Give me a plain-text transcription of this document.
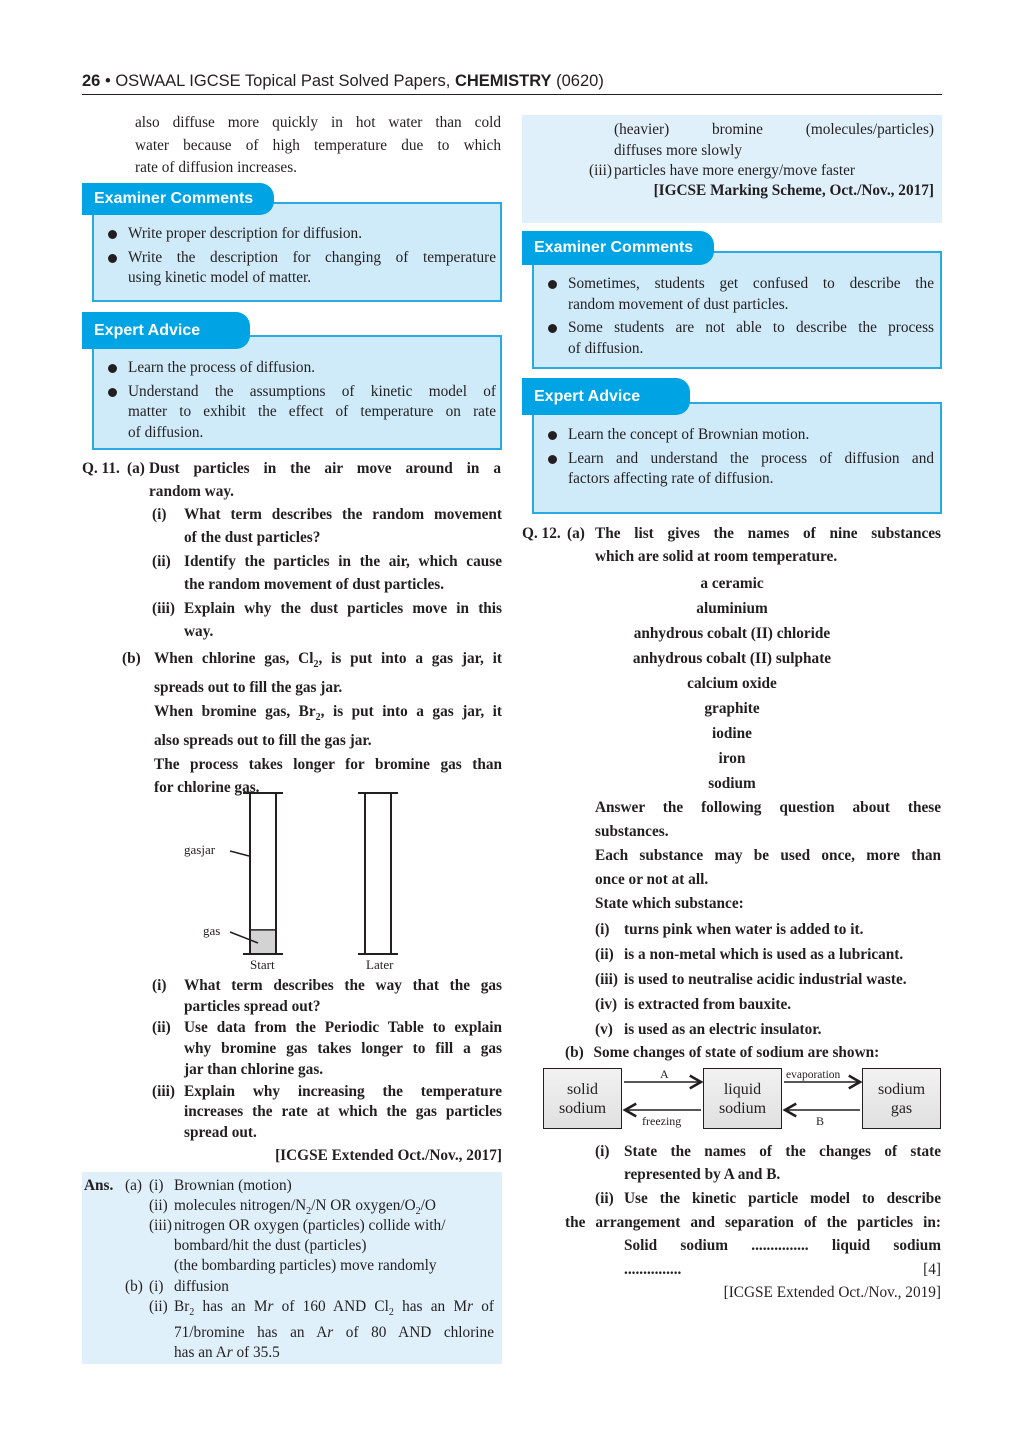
26 • OSWAAL IGCSE Topical Past Solved Papers, CHEMISTRY (0620)
also diffuse more quickly in hot water than cold
water because of high temperature due to which
rate of diffusion increases.
Examiner Comments
Write proper description for diffusion.
Write the description for changing of temperature
using kinetic model of matter.
Expert Advice
Learn the process of diffusion.
Understand the assumptions of kinetic model of
matter to exhibit the effect of temperature on rate
of diffusion.
Q. 11. (a) Dust particles in the air move around in a
random way.
(i) What term describes the random movement
of the dust particles?
(ii) Identify the particles in the air, which cause
the random movement of dust particles.
(iii) Explain why the dust particles move in this
way.
(b) When chlorine gas, $Cl_2$, is put into a gas jar, it
spreads out to fill the gas jar.
When bromine gas, $Br_2$, is put into a gas jar, it
also spreads out to fill the gas jar.
The process takes longer for bromine gas than
for chlorine gas.
gasjar
gas
Start	Later
(i) What term describes the way that the gas
particles spread out?
(ii) Use data from the Periodic Table to explain
why bromine gas takes longer to fill a gas
jar than chlorine gas.
(iii) Explain why increasing the temperature
increases the rate at which the gas particles
spread out.
[ICGSE Extended Oct./Nov., 2017]
Ans. (a) (i) Brownian (motion)
(ii) molecules nitrogen/$N_2/N$ OR oxygen/$O_2/O$
(iii) nitrogen OR oxygen (particles) collide with/
bombard/hit the dust (particles)
(the bombarding particles) move randomly
(b) (i) diffusion
(ii) $Br_2$ has an Mr of 160 AND $Cl_2$ has an Mr of
71/bromine has an Ar of 80 AND chlorine
has an Ar of 35.5
(heavier)	bromine	(molecules/particles)
diffuses more slowly
(iii) particles have more energy/move faster
[IGCSE Marking Scheme, Oct./Nov., 2017]
Examiner Comments
Sometimes, students get confused to describe the
random movement of dust particles.
Some students are not able to describe the process
of diffusion.
Expert Advice
Learn the concept of Brownian motion.
Learn and understand the process of diffusion and
factors affecting rate of diffusion.
Q. 12. (a) The list gives the names of nine substances
which are solid at room temperature.
a ceramic
aluminium
anhydrous cobalt (II) chloride
anhydrous cobalt (II) sulphate
calcium oxide
graphite
iodine
iron
sodium
Answer the following question about these
substances.
Each substance may be used once, more than
once or not at all.
State which substance:
(i) turns pink when water is added to it.
(ii) is a non-metal which is used as a lubricant.
(iii) is used to neutralise acidic industrial waste.
(iv) is extracted from bauxite.
(v) is used as an electric insulator.
(b) Some changes of state of sodium are shown:
solid
sodium
liquid
sodium
sodium
gas
A
freezing
evaporation
B
(i) State the names of the changes of state
represented by A and B.
(ii) Use the kinetic particle model to describe
the arrangement and separation of the particles in:
Solid sodium ............... liquid sodium
...............	[4]
[ICGSE Extended Oct./Nov., 2019]
